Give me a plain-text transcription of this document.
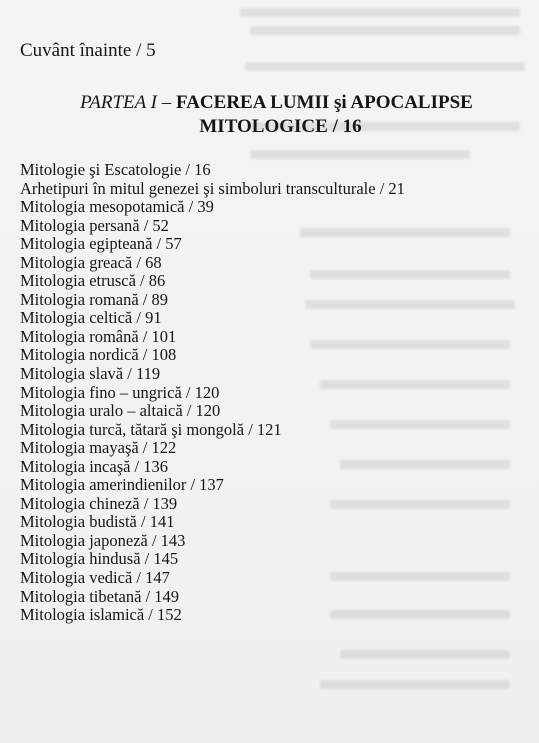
Cuvânt înainte / 5
PARTEA I – FACEREA LUMII şi APOCALIPSE
MITOLOGICE / 16
Mitologie şi Escatologie / 16
Arhetipuri în mitul genezei şi simboluri transculturale / 21
Mitologia mesopotamică / 39
Mitologia persană / 52
Mitologia egipteană / 57
Mitologia greacă / 68
Mitologia etruscă / 86
Mitologia romană / 89
Mitologia celtică / 91
Mitologia română / 101
Mitologia nordică / 108
Mitologia slavă / 119
Mitologia fino – ungrică / 120
Mitologia uralo – altaică / 120
Mitologia turcă, tătară şi mongolă / 121
Mitologia mayaşă / 122
Mitologia incaşă / 136
Mitologia amerindienilor / 137
Mitologia chineză / 139
Mitologia budistă / 141
Mitologia japoneză / 143
Mitologia hindusă / 145
Mitologia vedică / 147
Mitologia tibetană / 149
Mitologia islamică / 152
